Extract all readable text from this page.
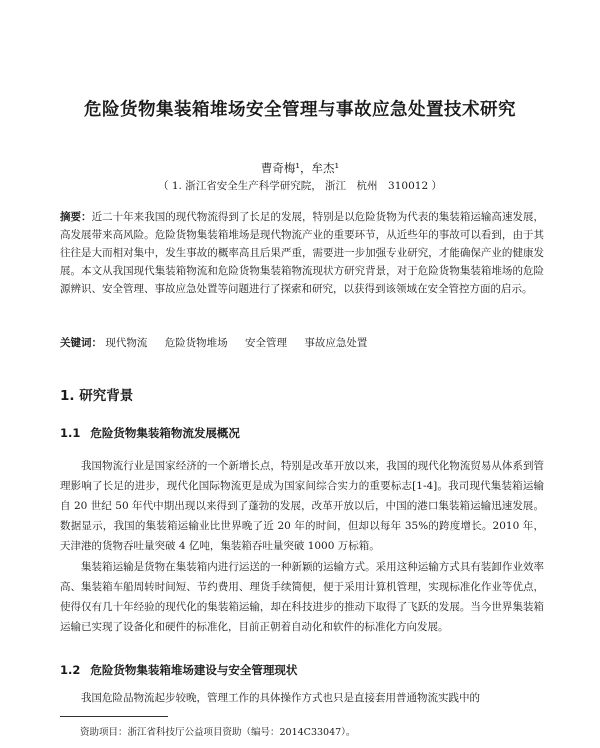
危险货物集装箱堆场安全管理与事故应急处置技术研究
曹奇梅¹，牟杰¹
（ 1. 浙江省安全生产科学研究院， 浙江　杭州　310012 ）
摘要：近二十年来我国的现代物流得到了长足的发展，特别是以危险货物为代表的集装箱运输高速发展，高发展带来高风险。危险货物集装箱堆场是现代物流产业的重要环节，从近些年的事故可以看到，由于其往往是大而相对集中，发生事故的概率高且后果严重，需要进一步加强专业研究，才能确保产业的健康发展。本文从我国现代集装箱物流和危险货物集装箱物流现状方研究背景，对于危险货物集装箱堆场的危险源辨识、安全管理、事故应急处置等问题进行了探索和研究，以获得到该领域在安全管控方面的启示。
关键词： 现代物流 危险货物堆场 安全管理 事故应急处置
1. 研究背景
1.1 危险货物集装箱物流发展概况
我国物流行业是国家经济的一个新增长点，特别是改革开放以来，我国的现代化物流贸易从体系到管理影响了长足的进步，现代化国际物流更是成为国家间综合实力的重要标志[1-4]。我司现代集装箱运输自 20 世纪 50 年代中期出现以来得到了蓬勃的发展，改革开放以后，中国的港口集装箱运输迅速发展。数据显示，我国的集装箱运输业比世界晚了近 20 年的时间，但却以每年 35%的跨度增长。2010 年，天津港的货物吞吐量突破 4 亿吨，集装箱吞吐量突破 1000 万标箱。
集装箱运输是货物在集装箱内进行运送的一种新颖的运输方式。采用这种运输方式具有装卸作业效率高、集装箱车船周转时间短、节约费用、理货手续简便，便于采用计算机管理，实现标准化作业等优点，使得仅有几十年经验的现代化的集装箱运输，却在科技进步的推动下取得了飞跃的发展。当今世界集装箱运输已实现了设备化和硬件的标准化，目前正朝着自动化和软件的标准化方向发展。
1.2 危险货物集装箱堆场建设与安全管理现状
我国危险品物流起步较晚，管理工作的具体操作方式也只是直接套用普通物流实践中的
资助项目：浙江省科技厅公益项目资助（编号：2014C33047）。
